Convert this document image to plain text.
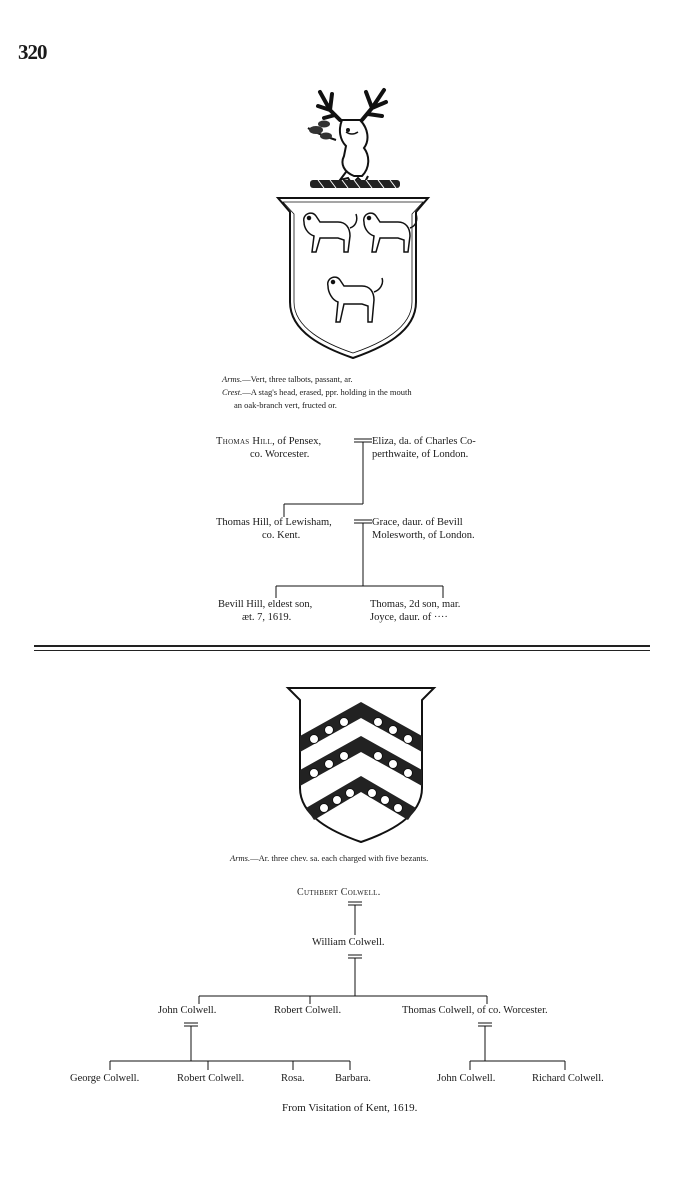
320
Arms.—Vert, three talbots, passant, ar.
Crest.—A stag's head, erased, ppr. holding in the mouth
an oak-branch vert, fructed or.
Thomas Hill, of Pensex,
co. Worcester.
Eliza, da. of Charles Co-
perthwaite, of London.
Thomas Hill, of Lewisham,
co. Kent.
Grace, daur. of Bevill
Molesworth, of London.
Bevill Hill, eldest son,
æt. 7, 1619.
Thomas, 2d son, mar.
Joyce, daur. of ····
Arms.—Ar. three chev. sa. each charged with five bezants.
Cuthbert Colwell.
William Colwell.
John Colwell.	Robert Colwell.	Thomas Colwell, of co. Worcester.
George Colwell.	Robert Colwell.	Rosa.	Barbara.	John Colwell.	Richard Colwell.
From Visitation of Kent, 1619.
